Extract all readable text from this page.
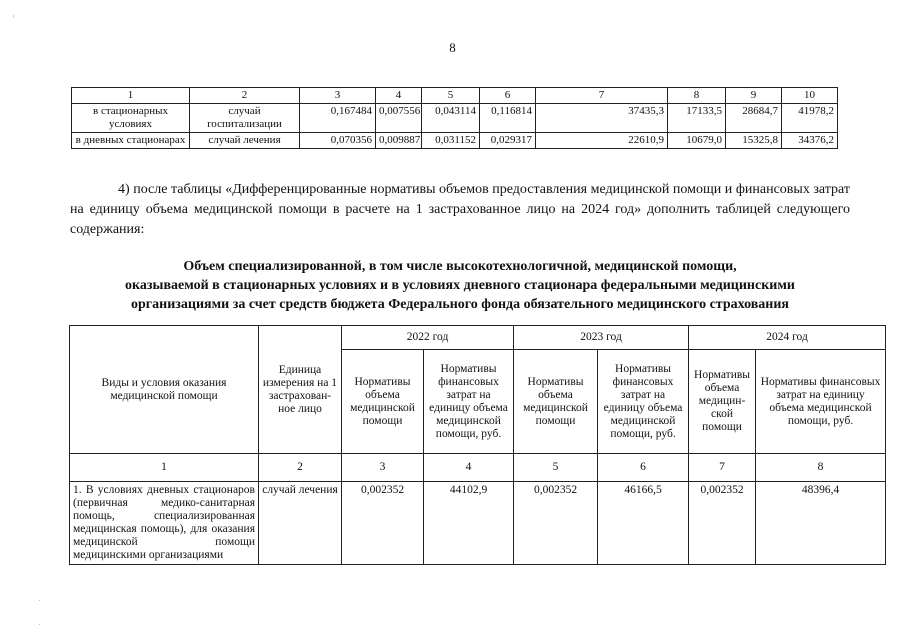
8
1	2	3	4	5	6	7	8	9	10
в стационарных условиях	случай госпитализации	0,167484	0,007556	0,043114	0,116814	37435,3	17133,5	28684,7	41978,2
в дневных стационарах	случай лечения	0,070356	0,009887	0,031152	0,029317	22610,9	10679,0	15325,8	34376,2

4) после таблицы «Дифференцированные нормативы объемов предоставления медицинской помощи и финансовых затрат на единицу объема медицинской помощи в расчете на 1 застрахованное лицо на 2024 год» дополнить таблицей следующего содержания:

Объем специализированной, в том числе высокотехнологичной, медицинской помощи,
оказываемой в стационарных условиях и в условиях дневного стационара федеральными медицинскими
организациями за счет средств бюджета Федерального фонда обязательного медицинского страхования
Виды и условия оказания медицинской помощи	Единица измерения на 1 застрахован-ное лицо	2022 год		2023 год		2024 год	
		Нормативы объема медицинской помощи	Нормативы финансовых затрат на единицу объема медицинской помощи, руб.	Нормативы объема медицинской помощи	Нормативы финансовых затрат на единицу объема медицинской помощи, руб.	Нормативы объема медицин-ской помощи	Нормативы финансовых затрат на единицу объема медицинской помощи, руб.
1	2	3	4	5	6	7	8
1. В условиях дневных стационаров (первичная медико-санитарная помощь, специализированная медицинская помощь), для оказания медицинской помощи медицинскими организациями	случай лечения	0,002352	44102,9	0,002352	46166,5	0,002352	48396,4
'
·
·
